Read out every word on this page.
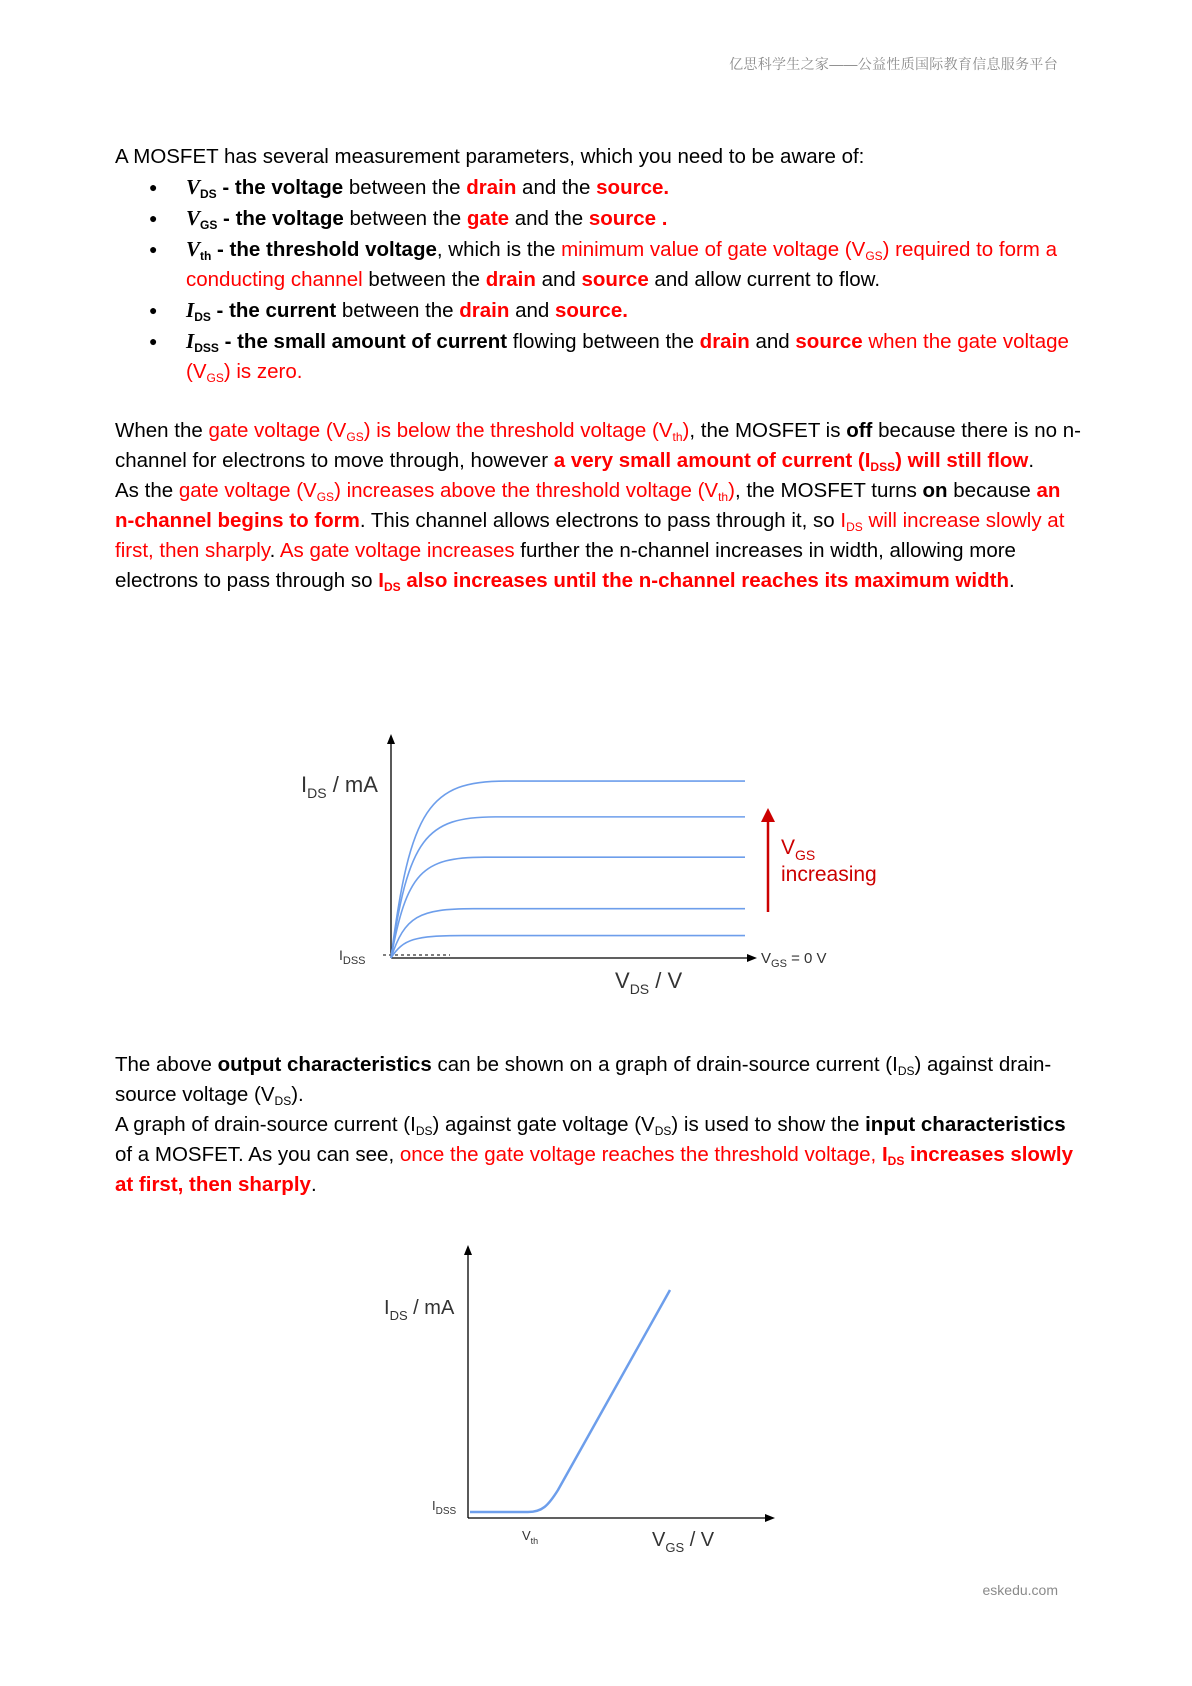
亿思科学生之家——公益性质国际教育信息服务平台

A MOSFET has several measurement parameters, which you need to be aware of:

● $V_{DS}$ - the voltage between the drain and the source.
● $V_{GS}$ - the voltage between the gate and the source .
● $V_{th}$ - the threshold voltage, which is the minimum value of gate voltage $(V_{GS})$ required to form a conducting channel between the drain and source and allow current to flow.
● $I_{DS}$ - the current between the drain and source.
● $I_{DSS}$ - the small amount of current flowing between the drain and source when the gate voltage $(V_{GS})$ is zero.

When the gate voltage $(V_{GS})$ is below the threshold voltage $(V_{th})$, the MOSFET is off because there is no n-channel for electrons to move through, however a very small amount of current $(I_{DSS})$ will still flow.

As the gate voltage $(V_{GS})$ increases above the threshold voltage $(V_{th})$, the MOSFET turns on because an n-channel begins to form. This channel allows electrons to pass through it, so $I_{DS}$ will increase slowly at first, then sharply. As gate voltage increases further the n-channel increases in width, allowing more electrons to pass through so $I_{DS}$ also increases until the n-channel reaches its maximum width.

$I_{DS}$ / mA
$I_{DSS}$	$V_{GS} = 0$ V
$V_{DS}$ / V
$V_{GS}$
increasing

The above output characteristics can be shown on a graph of drain-source current $(I_{DS})$ against drain-source voltage $(V_{DS})$.

A graph of drain-source current $(I_{DS})$ against gate voltage $(V_{DS})$ is used to show the input characteristics of a MOSFET. As you can see, once the gate voltage reaches the threshold voltage, $I_{DS}$ increases slowly at first, then sharply.

$I_{DS}$ / mA
$I_{DSS}$
$V_{th}$	$V_{GS}$ / V
eskedu.com
